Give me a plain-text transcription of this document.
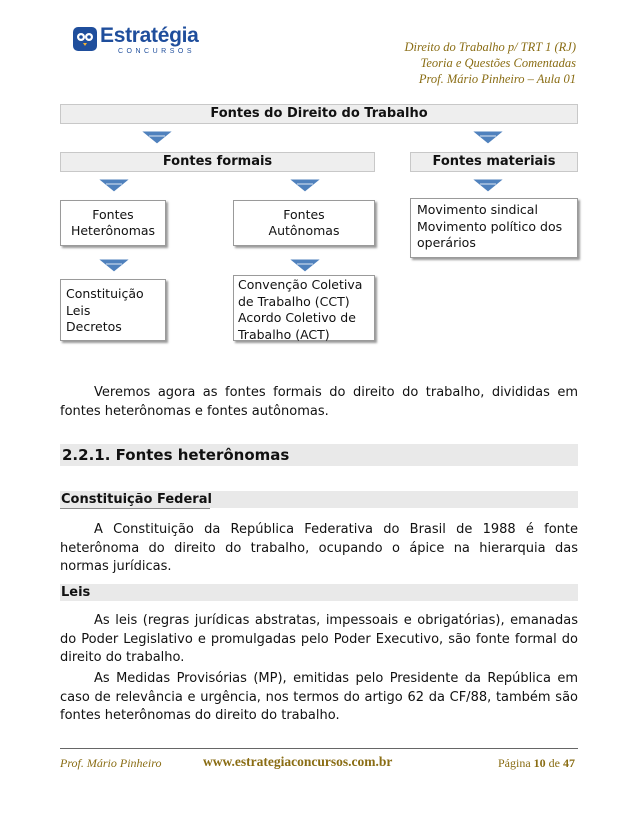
Estratégia
CONCURSOS	Direito do Trabalho p/ TRT 1 (RJ)
Teoria e Questões Comentadas
Prof. Mário Pinheiro – Aula 01
Fontes do Direito do Trabalho
Fontes formais	Fontes materiais
Fontes
Heterônomas
Fontes
Autônomas
Movimento sindical
Movimento político dos
operários
Constituição
Leis
Decretos
Convenção Coletiva
de Trabalho (CCT)
Acordo Coletivo de
Trabalho (ACT)
Veremos agora as fontes formais do direito do trabalho, divididas em fontes heterônomas e fontes autônomas.
2.2.1. Fontes heterônomas
Constituição Federal
A Constituição da República Federativa do Brasil de 1988 é fonte heterônoma do direito do trabalho, ocupando o ápice na hierarquia das normas jurídicas.
Leis
As leis (regras jurídicas abstratas, impessoais e obrigatórias), emanadas do Poder Legislativo e promulgadas pelo Poder Executivo, são fonte formal do direito do trabalho.
As Medidas Provisórias (MP), emitidas pelo Presidente da República em caso de relevância e urgência, nos termos do artigo 62 da CF/88, também são fontes heterônomas do direito do trabalho.
Prof. Mário Pinheiro	www.estrategiaconcursos.com.br	Página 10 de 47
